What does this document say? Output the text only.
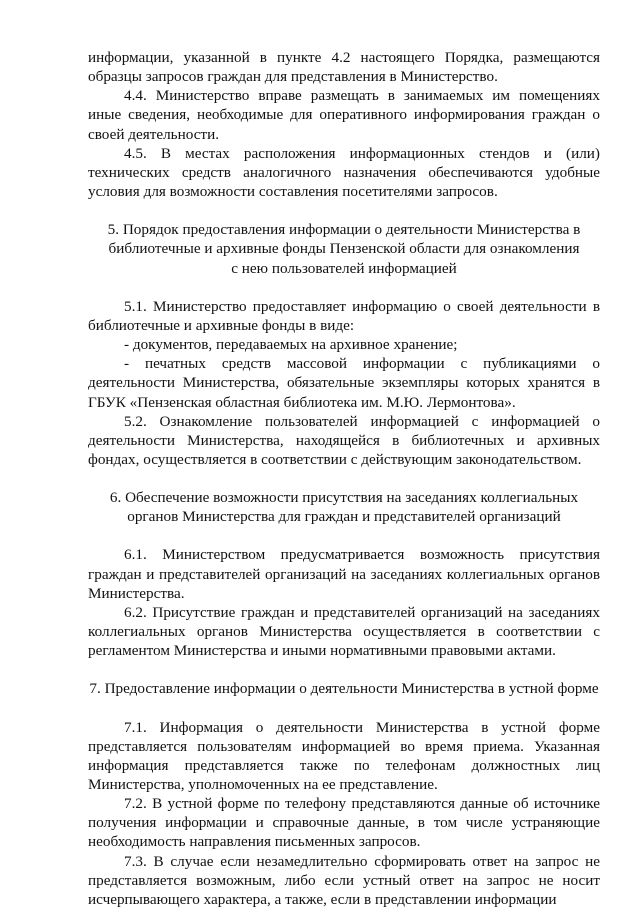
информации, указанной в пункте 4.2 настоящего Порядка, размещаются образцы запросов граждан для представления в Министерство.

4.4. Министерство вправе размещать в занимаемых им помещениях иные сведения, необходимые для оперативного информирования граждан о своей деятельности.

4.5. В местах расположения информационных стендов и (или) технических средств аналогичного назначения обеспечиваются удобные условия для возможности составления посетителями запросов.

5. Порядок предоставления информации о деятельности Министерства в

библиотечные и архивные фонды Пензенской области для ознакомления

с нею пользователей информацией

5.1. Министерство предоставляет информацию о своей деятельности в библиотечные и архивные фонды в виде:

- документов, передаваемых на архивное хранение;

- печатных средств массовой информации с публикациями о деятельности Министерства, обязательные экземпляры которых хранятся в ГБУК «Пензенская областная библиотека им. М.Ю. Лермонтова».

5.2. Ознакомление пользователей информацией с информацией о деятельности Министерства, находящейся в библиотечных и архивных фондах, осуществляется в соответствии с действующим законодательством.

6. Обеспечение возможности присутствия на заседаниях коллегиальных

органов Министерства для граждан и представителей организаций

6.1. Министерством предусматривается возможность присутствия граждан и представителей организаций на заседаниях коллегиальных органов Министерства.

6.2. Присутствие граждан и представителей организаций на заседаниях коллегиальных органов Министерства осуществляется в соответствии с регламентом Министерства и иными нормативными правовыми актами.

7. Предоставление информации о деятельности Министерства в устной форме

7.1. Информация о деятельности Министерства в устной форме представляется пользователям информацией во время приема. Указанная информация представляется также по телефонам должностных лиц Министерства, уполномоченных на ее представление.

7.2. В устной форме по телефону представляются данные об источнике получения информации и справочные данные, в том числе устраняющие необходимость направления письменных запросов.

7.3. В случае если незамедлительно сформировать ответ на запрос не представляется возможным, либо если устный ответ на запрос не носит исчерпывающего характера, а также, если в представлении информации
